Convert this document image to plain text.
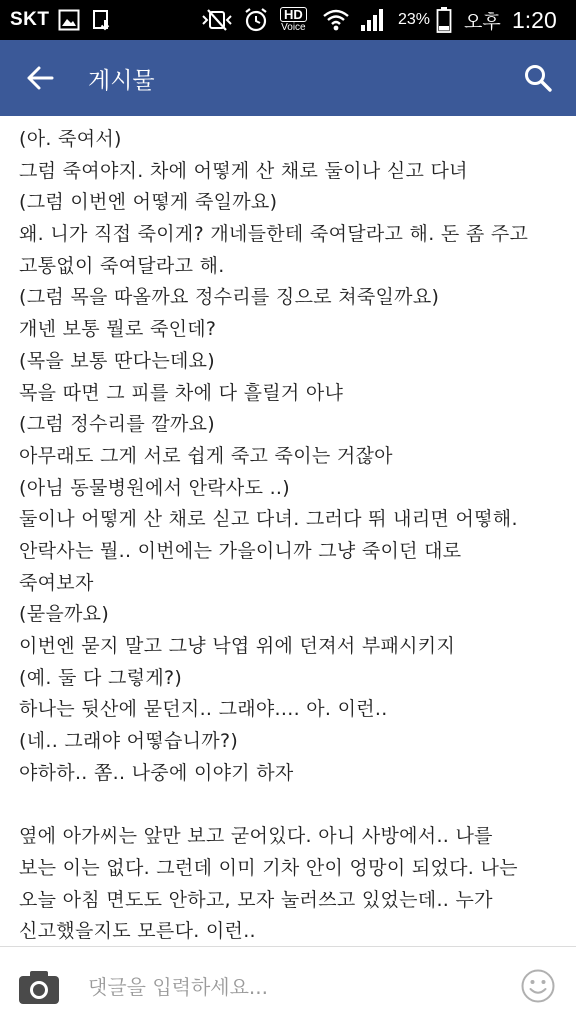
SKT	HD
Voice	23% 오후 1:20
게시물
(아. 죽여서)
그럼 죽여야지. 차에 어떻게 산 채로 둘이나 싣고 다녀
(그럼 이번엔 어떻게 죽일까요)
왜. 니가 직접 죽이게? 개네들한테 죽여달라고 해. 돈 좀 주고
고통없이 죽여달라고 해.
(그럼 목을 따올까요 정수리를 징으로 쳐죽일까요)
개넨 보통 뭘로 죽인데?
(목을 보통 딴다는데요)
목을 따면 그 피를 차에 다 흘릴거 아냐
(그럼 정수리를 깔까요)
아무래도 그게 서로 쉽게 죽고 죽이는 거잖아
(아님 동물병원에서 안락사도 ..)
둘이나 어떻게 산 채로 싣고 다녀. 그러다 뛰 내리면 어떻해.
안락사는 뭘.. 이번에는 가을이니까 그냥 죽이던 대로
죽여보자
(묻을까요)
이번엔 묻지 말고 그냥 낙엽 위에 던져서 부패시키지
(예. 둘 다 그렇게?)
하나는 뒷산에 묻던지.. 그래야.... 아. 이런..
(네.. 그래야 어떻습니까?)
야하하.. 쫌.. 나중에 이야기 하자
옆에 아가씨는 앞만 보고 굳어있다. 아니 사방에서.. 나를
보는 이는 없다. 그런데 이미 기차 안이 엉망이 되었다. 나는
오늘 아침 면도도 안하고, 모자 눌러쓰고 있었는데.. 누가
신고했을지도 모른다. 이런..
댓글을 입력하세요...
